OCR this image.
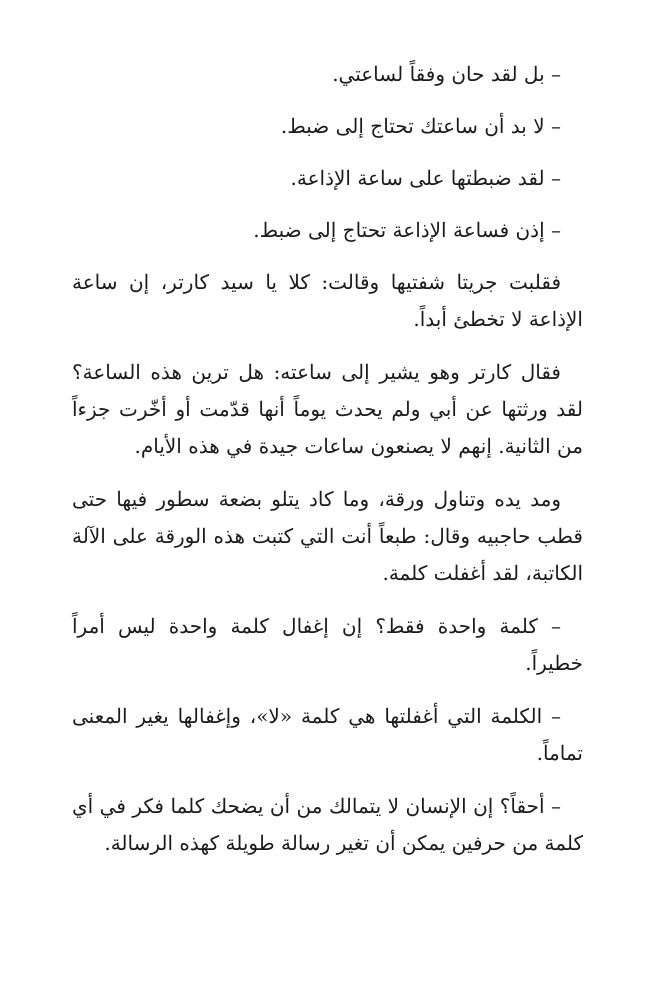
– بل لقد حان وفقاً لساعتي.

– لا بد أن ساعتك تحتاج إلى ضبط.

– لقد ضبطتها على ساعة الإذاعة.

– إذن فساعة الإذاعة تحتاج إلى ضبط.

فقلبت جريتا شفتيها وقالت: كلا يا سيد كارتر، إن ساعة الإذاعة لا تخطئ أبداً.

فقال كارتر وهو يشير إلى ساعته: هل ترين هذه الساعة؟ لقد ورثتها عن أبي ولم يحدث يوماً أنها قدّمت أو أخّرت جزءاً من الثانية. إنهم لا يصنعون ساعات جيدة في هذه الأيام.

ومد يده وتناول ورقة، وما كاد يتلو بضعة سطور فيها حتى قطب حاجبيه وقال: طبعاً أنت التي كتبت هذه الورقة على الآلة الكاتبة، لقد أغفلت كلمة.

– كلمة واحدة فقط؟ إن إغفال كلمة واحدة ليس أمراً خطيراً.

– الكلمة التي أغفلتها هي كلمة «لا»، وإغفالها يغير المعنى تماماً.

– أحقاً؟ إن الإنسان لا يتمالك من أن يضحك كلما فكر في أي كلمة من حرفين يمكن أن تغير رسالة طويلة كهذه الرسالة.
